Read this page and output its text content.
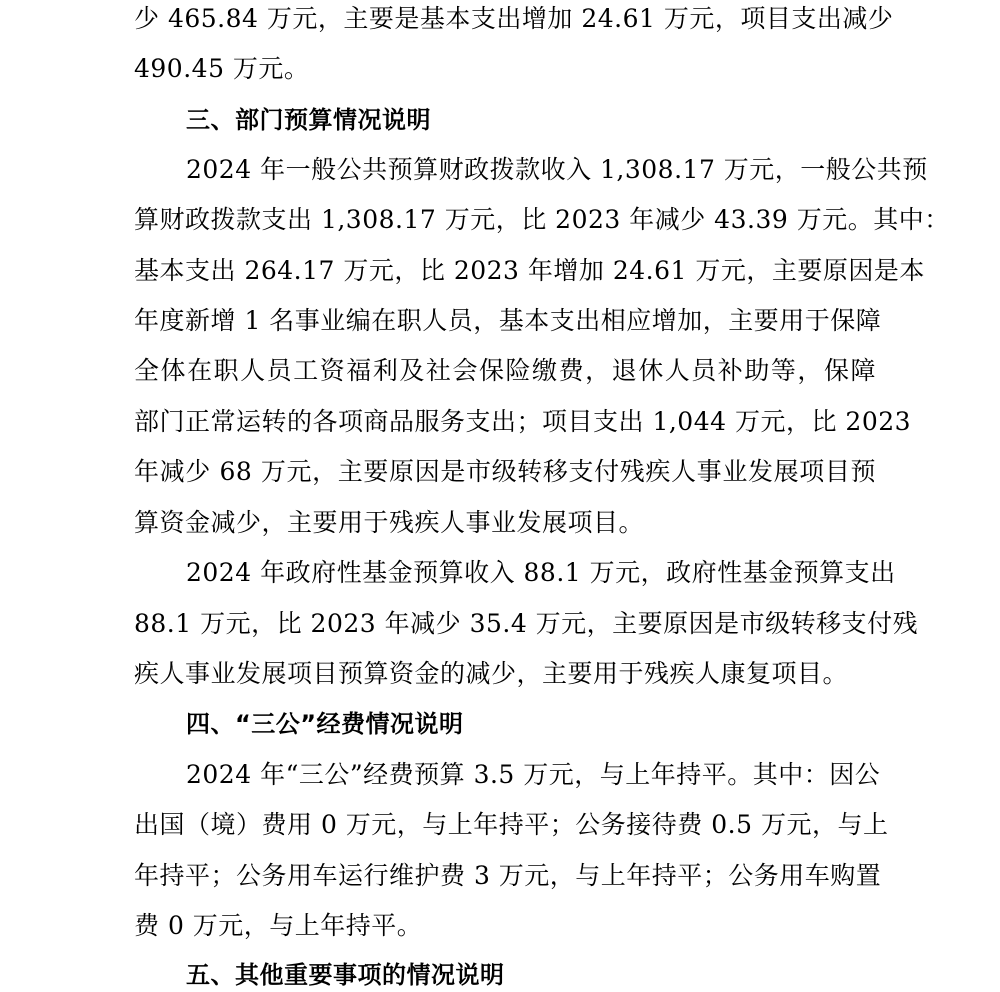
少 465.84 万元，主要是基本支出增加 24.61 万元，项目支出减少
490.45 万元。
三、部门预算情况说明
2024 年一般公共预算财政拨款收入 1,308.17 万元，一般公共预
算财政拨款支出 1,308.17 万元，比 2023 年减少 43.39 万元。其中：
基本支出 264.17 万元，比 2023 年增加 24.61 万元，主要原因是本
年度新增 1 名事业编在职人员，基本支出相应增加，主要用于保障
全体在职人员工资福利及社会保险缴费，退休人员补助等，保障
部门正常运转的各项商品服务支出；项目支出 1,044 万元，比 2023
年减少 68 万元，主要原因是市级转移支付残疾人事业发展项目预
算资金减少，主要用于残疾人事业发展项目。
2024 年政府性基金预算收入 88.1 万元，政府性基金预算支出
88.1 万元，比 2023 年减少 35.4 万元，主要原因是市级转移支付残
疾人事业发展项目预算资金的减少，主要用于残疾人康复项目。
四、“三公”经费情况说明
2024 年“三公”经费预算 3.5 万元，与上年持平。其中：因公
出国（境）费用 0 万元，与上年持平；公务接待费 0.5 万元，与上
年持平；公务用车运行维护费 3 万元，与上年持平；公务用车购置
费 0 万元，与上年持平。
五、其他重要事项的情况说明
